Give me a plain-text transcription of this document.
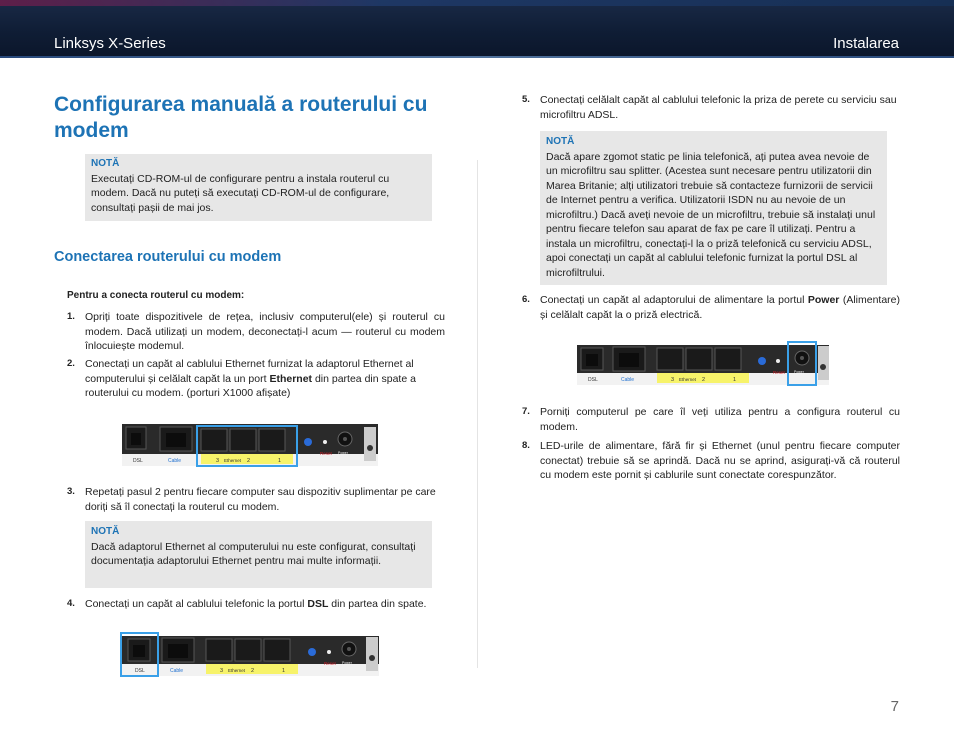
Linksys X-Series	Instalarea
Configurarea manuală a routerului cu modem
NOTĂ
Executați CD-ROM-ul de configurare pentru a instala routerul cu modem. Dacă nu puteți să executați CD-ROM-ul de configurare, consultați pașii de mai jos.
Conectarea routerului cu modem
Pentru a conecta routerul cu modem:
1. Opriți toate dispozitivele de rețea, inclusiv computerul(ele) și routerul cu modem. Dacă utilizați un modem, deconectați-l acum — routerul cu modem înlocuiește modemul.
2. Conectați un capăt al cablului Ethernet furnizat la adaptorul Ethernet al computerului și celălalt capăt la un port Ethernet din partea din spate a routerului cu modem. (porturi X1000 afișate)
DSL	Cable	3 Ethernet 2	1
Reset Power
3. Repetați pasul 2 pentru fiecare computer sau dispozitiv suplimentar pe care doriți să îl conectați la routerul cu modem.
NOTĂ
Dacă adaptorul Ethernet al computerului nu este configurat, consultați documentația adaptorului Ethernet pentru mai multe informații.
4. Conectați un capăt al cablului telefonic la portul DSL din partea din spate.
DSL	Cable	3 Ethernet 2	1
Reset Power
5. Conectați celălalt capăt al cablului telefonic la priza de perete cu serviciu sau microfiltru ADSL.
NOTĂ
Dacă apare zgomot static pe linia telefonică, ați putea avea nevoie de un microfiltru sau splitter. (Acestea sunt necesare pentru utilizatorii din Marea Britanie; alți utilizatori trebuie să contacteze furnizorii de servicii de Internet pentru a verifica. Utilizatorii ISDN nu au nevoie de un microfiltru.) Dacă aveți nevoie de un microfiltru, trebuie să instalați unul pentru fiecare telefon sau aparat de fax pe care îl utilizați. Pentru a instala un microfiltru, conectați-l la o priză telefonică cu serviciu ADSL, apoi conectați un capăt al cablului telefonic furnizat la portul DSL al microfiltrului.
6. Conectați un capăt al adaptorului de alimentare la portul Power (Alimentare) și celălalt capăt la o priză electrică.
DSL	Cable	3 Ethernet 2	1
Reset	Power
7. Porniți computerul pe care îl veți utiliza pentru a configura routerul cu modem.
8. LED-urile de alimentare, fără fir și Ethernet (unul pentru fiecare computer conectat) trebuie să se aprindă. Dacă nu se aprind, asigurați-vă că routerul cu modem este pornit și cablurile sunt conectate corespunzător.
7
